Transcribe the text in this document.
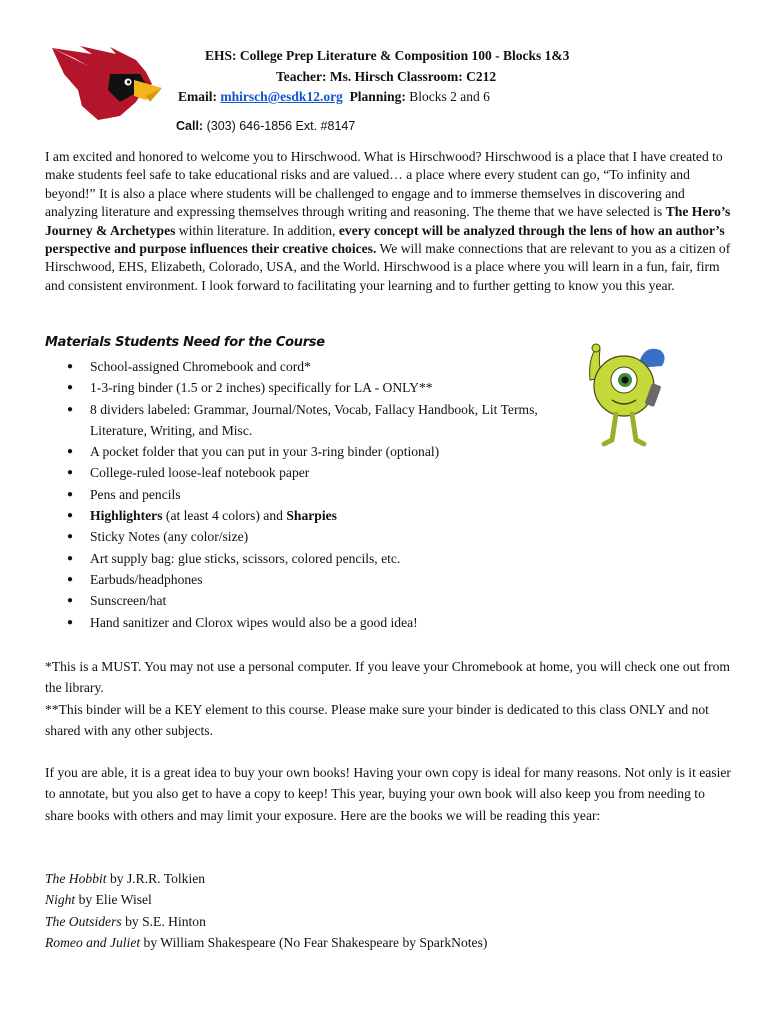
EHS: College Prep Literature & Composition 100 - Blocks 1&3
Teacher: Ms. Hirsch Classroom: C212
Email: mhirsch@esdk12.org Planning: Blocks 2 and 6
Call: (303) 646-1856 Ext. #8147

I am excited and honored to welcome you to Hirschwood. What is Hirschwood? Hirschwood is a place that I have created to make students feel safe to take educational risks and are valued… a place where every student can go, “To infinity and beyond!” It is also a place where students will be challenged to engage and to immerse themselves in discovering and analyzing literature and expressing themselves through writing and reasoning. The theme that we have selected is The Hero’s Journey & Archetypes within literature. In addition, every concept will be analyzed through the lens of how an author’s perspective and purpose influences their creative choices. We will make connections that are relevant to you as a citizen of Hirschwood, EHS, Elizabeth, Colorado, USA, and the World. Hirschwood is a place where you will learn in a fun, fair, firm and consistent environment. I look forward to facilitating your learning and to further getting to know you this year.

Materials Students Need for the Course
● School-assigned Chromebook and cord*
● 1-3-ring binder (1.5 or 2 inches) specifically for LA - ONLY**
● 8 dividers labeled: Grammar, Journal/Notes, Vocab, Fallacy Handbook, Lit Terms, Literature, Writing, and Misc.
● A pocket folder that you can put in your 3-ring binder (optional)
● College-ruled loose-leaf notebook paper
● Pens and pencils
● Highlighters (at least 4 colors) and Sharpies
● Sticky Notes (any color/size)
● Art supply bag: glue sticks, scissors, colored pencils, etc.
● Earbuds/headphones
● Sunscreen/hat
● Hand sanitizer and Clorox wipes would also be a good idea!
*This is a MUST. You may not use a personal computer. If you leave your Chromebook at home, you will check one out from the library.
**This binder will be a KEY element to this course. Please make sure your binder is dedicated to this class ONLY and not shared with any other subjects.

If you are able, it is a great idea to buy your own books! Having your own copy is ideal for many reasons. Not only is it easier to annotate, but you also get to have a copy to keep! This year, buying your own book will also keep you from needing to share books with others and may limit your exposure. Here are the books we will be reading this year:

The Hobbit by J.R.R. Tolkien
Night by Elie Wisel
The Outsiders by S.E. Hinton
Romeo and Juliet by William Shakespeare (No Fear Shakespeare by SparkNotes)
